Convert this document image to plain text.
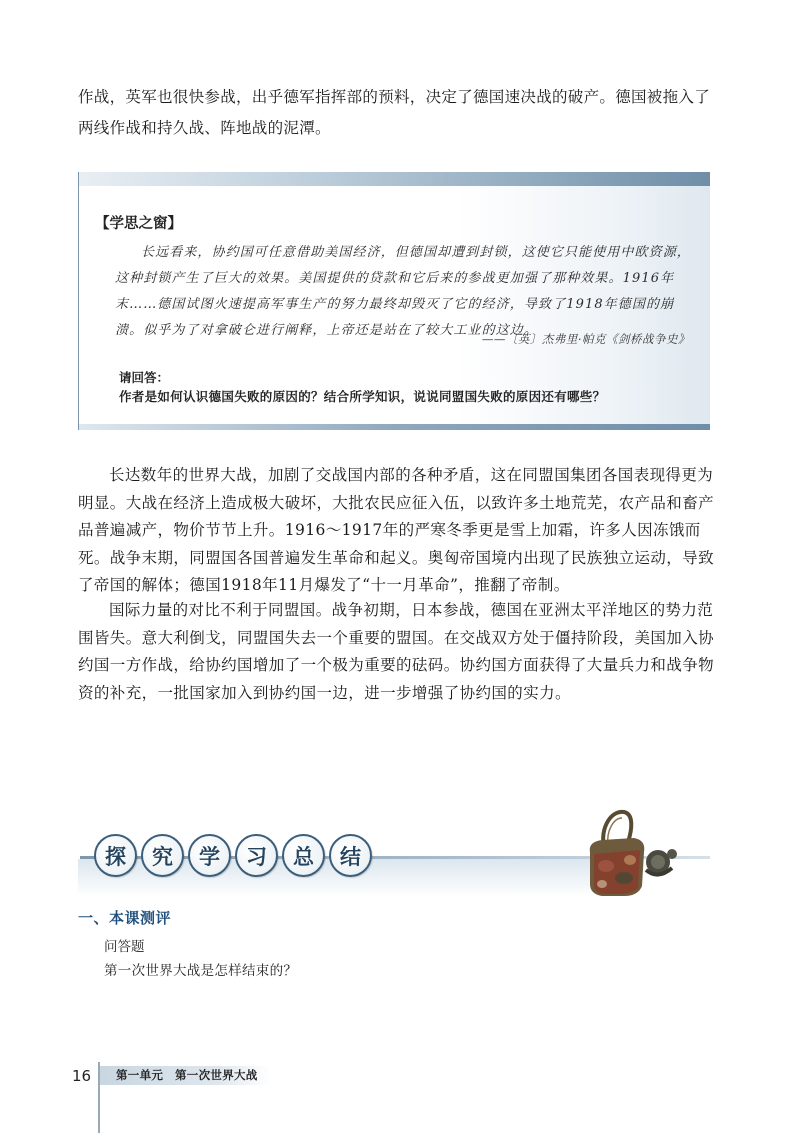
作战，英军也很快参战，出乎德军指挥部的预料，决定了德国速决战的破产。德国被拖入了两线作战和持久战、阵地战的泥潭。
【学思之窗】
长远看来，协约国可任意借助美国经济，但德国却遭到封锁，这使它只能使用中欧资源，这种封锁产生了巨大的效果。美国提供的贷款和它后来的参战更加强了那种效果。1916年末……德国试图火速提高军事生产的努力最终却毁灭了它的经济，导致了1918年德国的崩溃。似乎为了对拿破仑进行阐释，上帝还是站在了较大工业的这边。
——〔英〕杰弗里·帕克《剑桥战争史》
请回答：
作者是如何认识德国失败的原因的？结合所学知识，说说同盟国失败的原因还有哪些？
长达数年的世界大战，加剧了交战国内部的各种矛盾，这在同盟国集团各国表现得更为明显。大战在经济上造成极大破坏，大批农民应征入伍，以致许多土地荒芜，农产品和畜产品普遍减产，物价节节上升。1916～1917年的严寒冬季更是雪上加霜，许多人因冻饿而死。战争末期，同盟国各国普遍发生革命和起义。奥匈帝国境内出现了民族独立运动，导致了帝国的解体；德国1918年11月爆发了“十一月革命”，推翻了帝制。
国际力量的对比不利于同盟国。战争初期，日本参战，德国在亚洲太平洋地区的势力范围皆失。意大利倒戈，同盟国失去一个重要的盟国。在交战双方处于僵持阶段，美国加入协约国一方作战，给协约国增加了一个极为重要的砝码。协约国方面获得了大量兵力和战争物资的补充，一批国家加入到协约国一边，进一步增强了协约国的实力。
探	究	学	习	总	结
一、本课测评
问答题
第一次世界大战是怎样结束的？
16	第一单元　第一次世界大战
